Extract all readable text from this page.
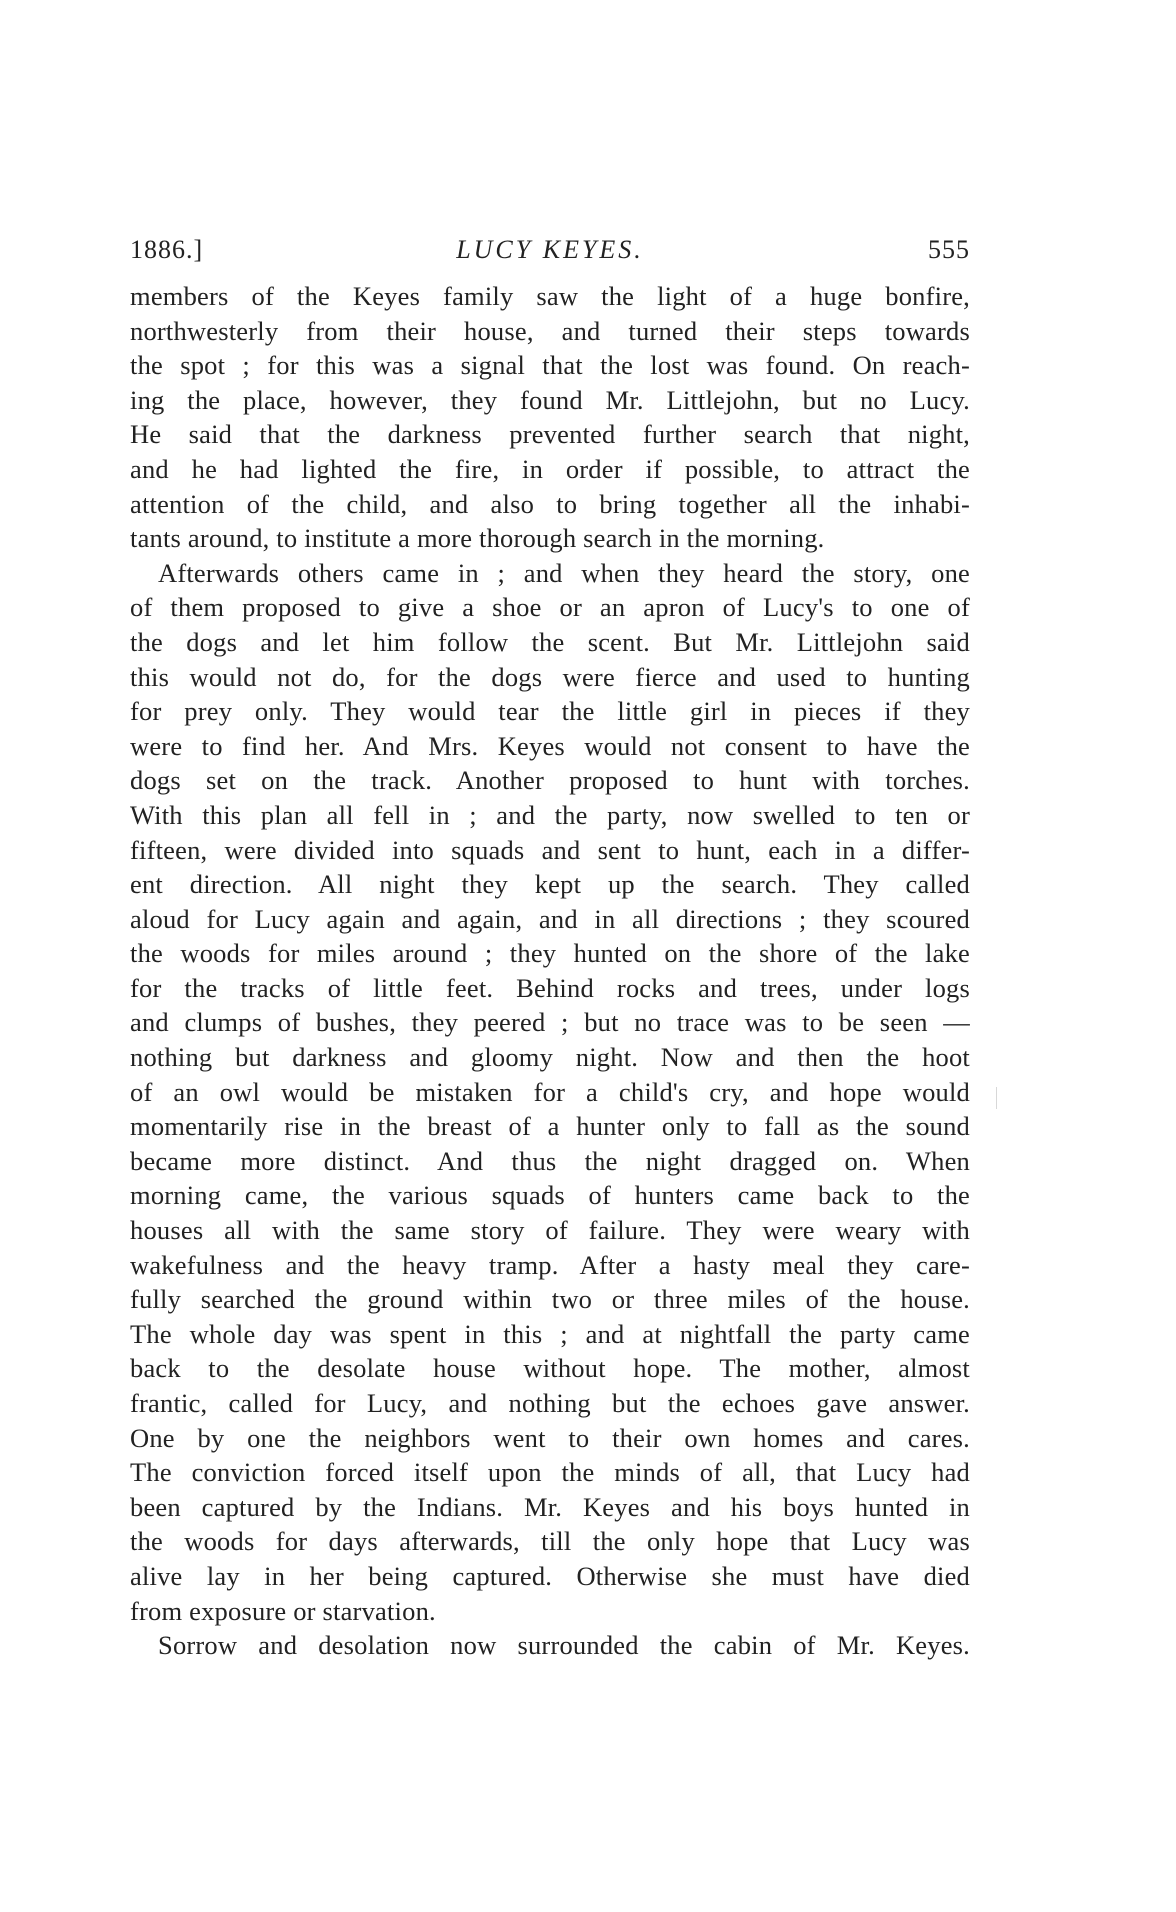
1886.]	LUCY KEYES.	555
members of the Keyes family saw the light of a huge bonfire,
northwesterly from their house, and turned their steps towards
the spot ; for this was a signal that the lost was found. On reach-
ing the place, however, they found Mr. Littlejohn, but no Lucy.
He said that the darkness prevented further search that night,
and he had lighted the fire, in order if possible, to attract the
attention of the child, and also to bring together all the inhabi-
tants around, to institute a more thorough search in the morning.
Afterwards others came in ; and when they heard the story, one
of them proposed to give a shoe or an apron of Lucy's to one of
the dogs and let him follow the scent. But Mr. Littlejohn said
this would not do, for the dogs were fierce and used to hunting
for prey only. They would tear the little girl in pieces if they
were to find her. And Mrs. Keyes would not consent to have the
dogs set on the track. Another proposed to hunt with torches.
With this plan all fell in ; and the party, now swelled to ten or
fifteen, were divided into squads and sent to hunt, each in a differ-
ent direction. All night they kept up the search. They called
aloud for Lucy again and again, and in all directions ; they scoured
the woods for miles around ; they hunted on the shore of the lake
for the tracks of little feet. Behind rocks and trees, under logs
and clumps of bushes, they peered ; but no trace was to be seen —
nothing but darkness and gloomy night. Now and then the hoot
of an owl would be mistaken for a child's cry, and hope would
momentarily rise in the breast of a hunter only to fall as the sound
became more distinct. And thus the night dragged on. When
morning came, the various squads of hunters came back to the
houses all with the same story of failure. They were weary with
wakefulness and the heavy tramp. After a hasty meal they care-
fully searched the ground within two or three miles of the house.
The whole day was spent in this ; and at nightfall the party came
back to the desolate house without hope. The mother, almost
frantic, called for Lucy, and nothing but the echoes gave answer.
One by one the neighbors went to their own homes and cares.
The conviction forced itself upon the minds of all, that Lucy had
been captured by the Indians. Mr. Keyes and his boys hunted in
the woods for days afterwards, till the only hope that Lucy was
alive lay in her being captured. Otherwise she must have died
from exposure or starvation.
Sorrow and desolation now surrounded the cabin of Mr. Keyes.
